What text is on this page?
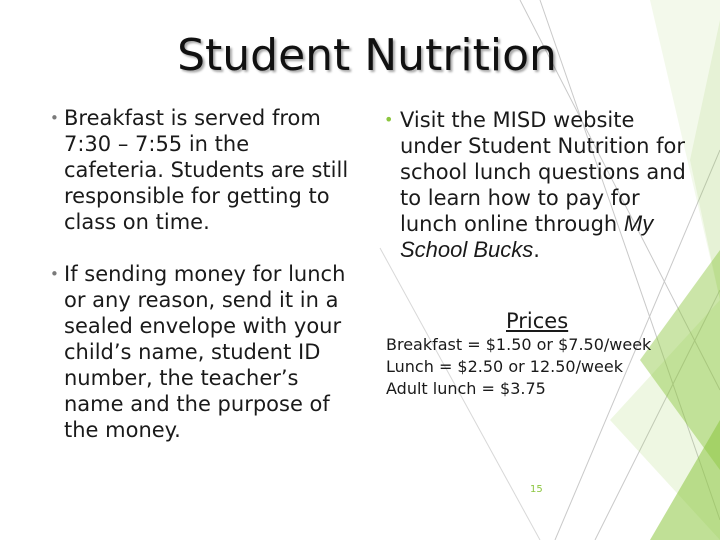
Student Nutrition
• Breakfast is served from 7:30 – 7:55 in the cafeteria. Students are still responsible for getting to class on time.
• If sending money for lunch or any reason, send it in a sealed envelope with your child’s name, student ID number, the teacher’s name and the purpose of the money.
• Visit the MISD website under Student Nutrition for school lunch questions and to learn how to pay for lunch online through My School Bucks.
Prices
Breakfast = $1.50 or $7.50/week
Lunch = $2.50 or 12.50/week
Adult lunch = $3.75
15
